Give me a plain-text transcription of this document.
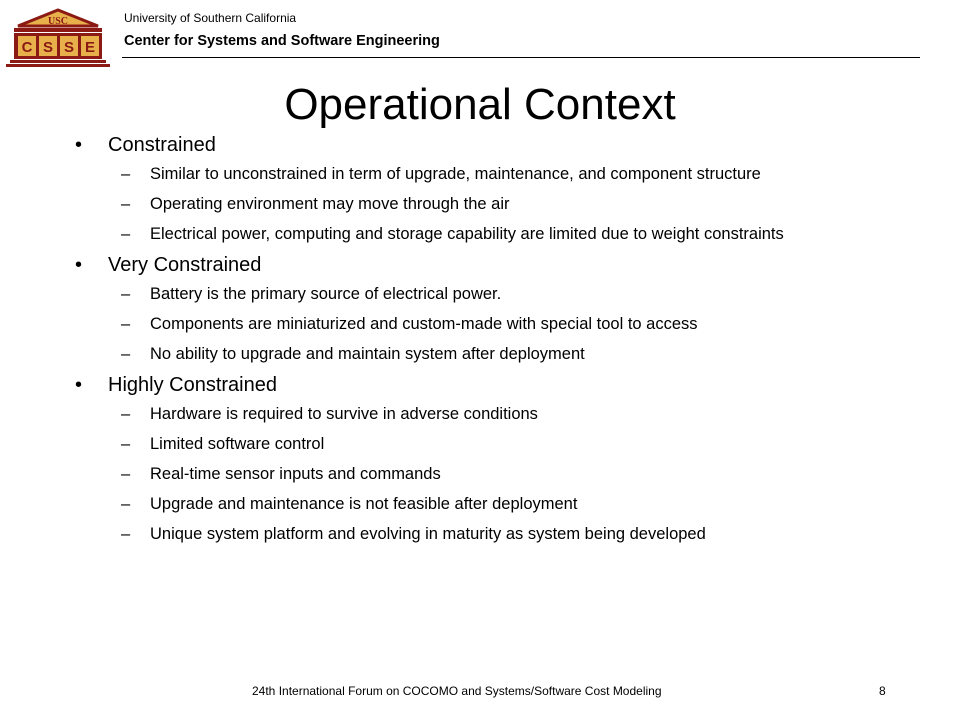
USC
C S S E
University of Southern California
Center for Systems and Software Engineering
Operational Context
• Constrained
– Similar to unconstrained in term of upgrade, maintenance, and component structure
– Operating environment may move through the air
– Electrical power, computing and storage capability are limited due to weight constraints
• Very Constrained
– Battery is the primary source of electrical power.
– Components are miniaturized and custom-made with special tool to access
– No ability to upgrade and maintain system after deployment
• Highly Constrained
– Hardware is required to survive in adverse conditions
– Limited software control
– Real-time sensor inputs and commands
– Upgrade and maintenance is not feasible after deployment
– Unique system platform and evolving in maturity as system being developed
24th International Forum on COCOMO and Systems/Software Cost Modeling	8
